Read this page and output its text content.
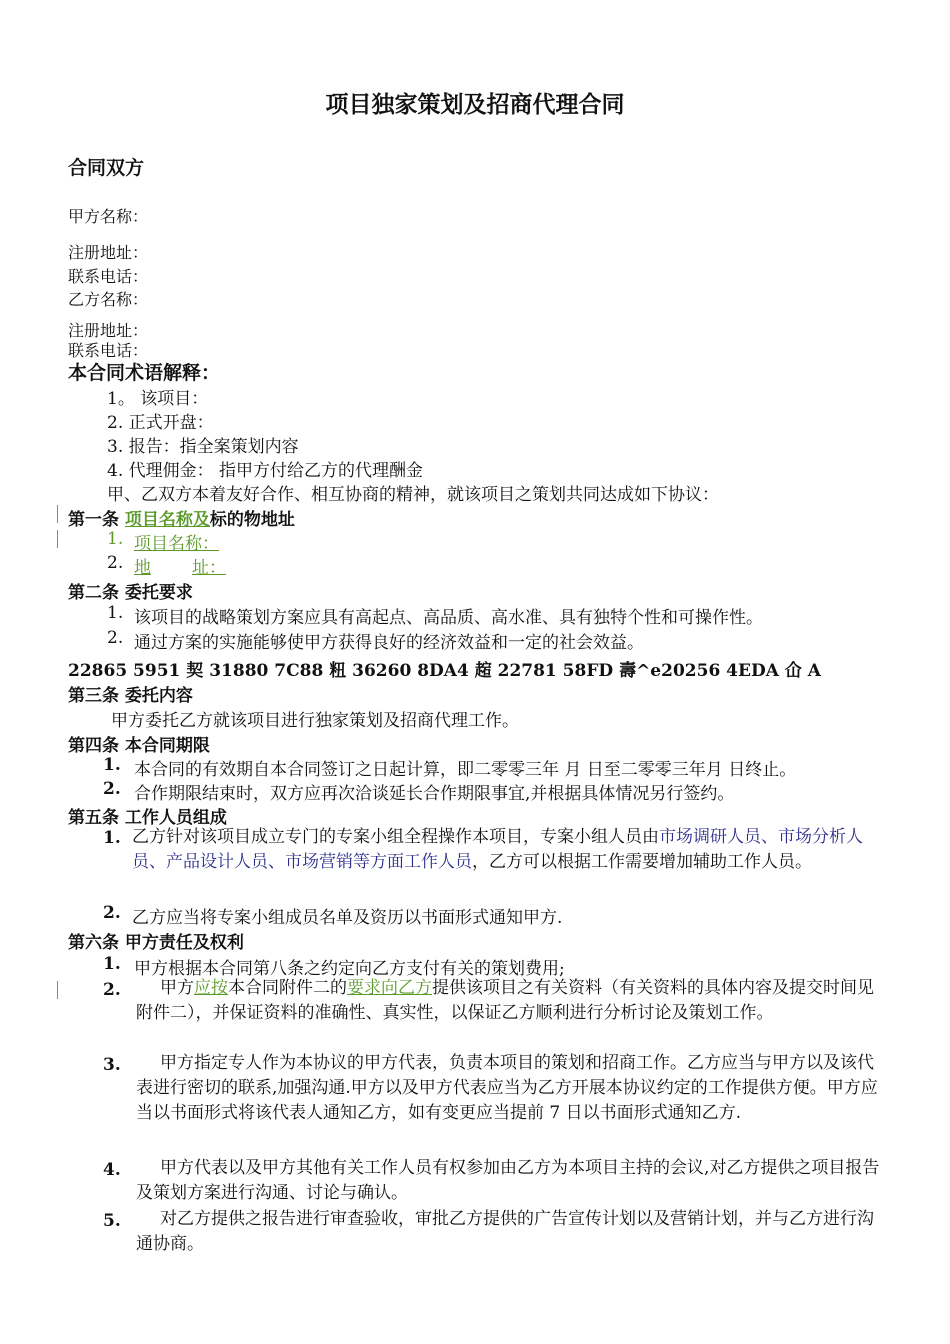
项目独家策划及招商代理合同
合同双方
甲方名称：
注册地址：
联系电话：
乙方名称：
注册地址：
联系电话：
本合同术语解释：
1。 该项目：
2. 正式开盘：
3. 报告：指全案策划内容
4. 代理佣金： 指甲方付给乙方的代理酬金
甲、乙双方本着友好合作、相互协商的精神，就该项目之策划共同达成如下协议：
第一条 项目名称及标的物地址
1. 项目名称：
2. 地 址：
第二条 委托要求
1. 该项目的战略策划方案应具有高起点、高品质、高水准、具有独特个性和可操作性。
2. 通过方案的实施能够使甲方获得良好的经济效益和一定的社会效益。
22865 5951 契 31880 7C88 粈 36260 8DA4 趤 22781 58FD 壽^e20256 4EDA 仚 A
第三条 委托内容
甲方委托乙方就该项目进行独家策划及招商代理工作。
第四条 本合同期限
1. 本合同的有效期自本合同签订之日起计算，即二零零三年 月 日至二零零三年月 日终止。
2. 合作期限结束时，双方应再次洽谈延长合作期限事宜,并根据具体情况另行签约。
第五条 工作人员组成
1. 乙方针对该项目成立专门的专案小组全程操作本项目，专案小组人员由市场调研人员、市场分析人员、产品设计人员、市场营销等方面工作人员，乙方可以根据工作需要增加辅助工作人员。
2. 乙方应当将专案小组成员名单及资历以书面形式通知甲方.
第六条 甲方责任及权利
1. 甲方根据本合同第八条之约定向乙方支付有关的策划费用;
2.	甲方应按本合同附件二的要求向乙方提供该项目之有关资料（有关资料的具体内容及提交时间见附件二），并保证资料的准确性、真实性，以保证乙方顺利进行分析讨论及策划工作。
3.	甲方指定专人作为本协议的甲方代表，负责本项目的策划和招商工作。乙方应当与甲方以及该代表进行密切的联系,加强沟通.甲方以及甲方代表应当为乙方开展本协议约定的工作提供方便。甲方应当以书面形式将该代表人通知乙方，如有变更应当提前 7 日以书面形式通知乙方.
4.	甲方代表以及甲方其他有关工作人员有权参加由乙方为本项目主持的会议,对乙方提供之项目报告及策划方案进行沟通、讨论与确认。
5.	对乙方提供之报告进行审查验收，审批乙方提供的广告宣传计划以及营销计划，并与乙方进行沟通协商。
